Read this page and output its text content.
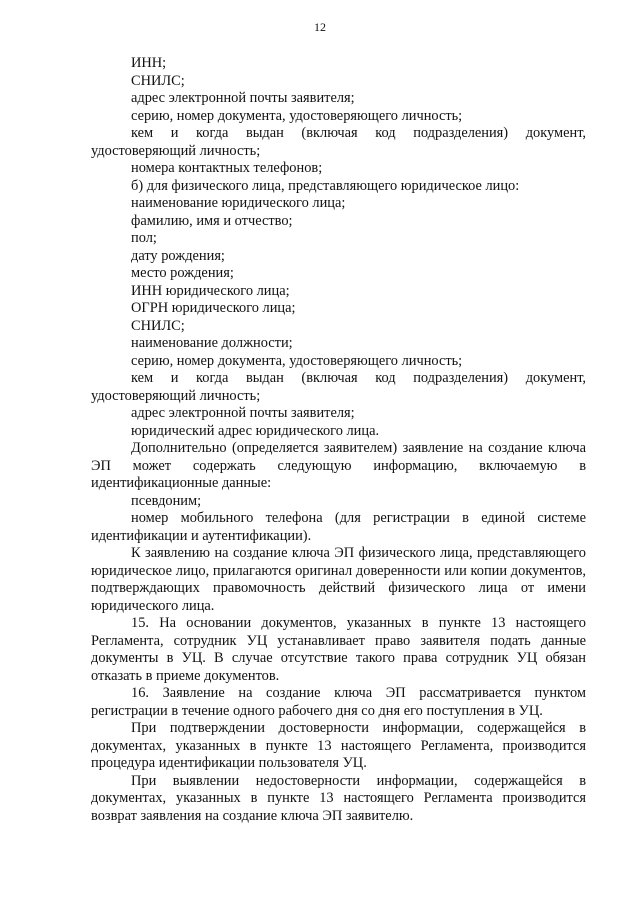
12

ИНН;

СНИЛС;

адрес электронной почты заявителя;

серию, номер документа, удостоверяющего личность;

кем и когда выдан (включая код подразделения) документ, удостоверяющий личность;

номера контактных телефонов;

б) для физического лица, представляющего юридическое лицо:

наименование юридического лица;

фамилию, имя и отчество;

пол;

дату рождения;

место рождения;

ИНН юридического лица;

ОГРН юридического лица;

СНИЛС;

наименование должности;

серию, номер документа, удостоверяющего личность;

кем и когда выдан (включая код подразделения) документ, удостоверяющий личность;

адрес электронной почты заявителя;

юридический адрес юридического лица.

Дополнительно (определяется заявителем) заявление на создание ключа ЭП может содержать следующую информацию, включаемую в идентификационные данные:

псевдоним;

номер мобильного телефона (для регистрации в единой системе идентификации и аутентификации).

К заявлению на создание ключа ЭП физического лица, представляющего юридическое лицо, прилагаются оригинал доверенности или копии документов, подтверждающих правомочность действий физического лица от имени юридического лица.

15. На основании документов, указанных в пункте 13 настоящего Регламента, сотрудник УЦ устанавливает право заявителя подать данные документы в УЦ. В случае отсутствие такого права сотрудник УЦ обязан отказать в приеме документов.

16. Заявление на создание ключа ЭП рассматривается пунктом регистрации в течение одного рабочего дня со дня его поступления в УЦ.

При подтверждении достоверности информации, содержащейся в документах, указанных в пункте 13 настоящего Регламента, производится процедура идентификации пользователя УЦ.

При выявлении недостоверности информации, содержащейся в документах, указанных в пункте 13 настоящего Регламента производится возврат заявления на создание ключа ЭП заявителю.
